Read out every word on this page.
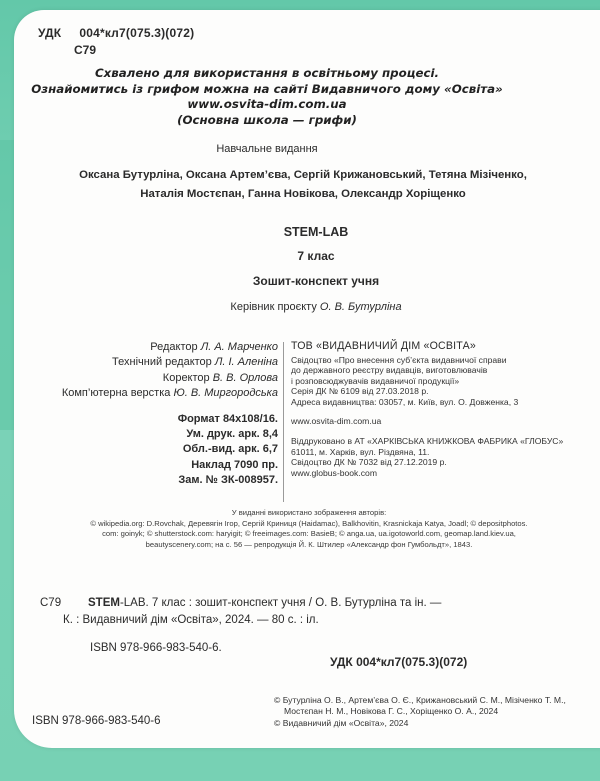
УДК 004*кл7(075.3)(072)
С79
Схвалено для використання в освітньому процесі.
Ознайомитись із грифом можна на сайті Видавничого дому «Освіта»
www.osvita-dim.com.ua
(Основна школа — грифи)
Навчальне видання
Оксана Бутурліна, Оксана Артем’єва, Сергій Крижановський, Тетяна Мізіченко,
Наталія Мостєпан, Ганна Новікова, Олександр Хоріщенко
STEM-LAB
7 клас
Зошит-конспект учня
Керівник проєкту О. В. Бутурліна
Редактор Л. А. Марченко
Технічний редактор Л. І. Аленіна
Коректор В. В. Орлова
Комп’ютерна верстка Ю. В. Миргородська
Формат 84х108/16.
Ум. друк. арк. 8,4
Обл.-вид. арк. 6,7
Наклад 7090 пр.
Зам. № ЗК-008957.
ТОВ «ВИДАВНИЧИЙ ДІМ «ОСВІТА»
Свідоцтво «Про внесення суб’єкта видавничої справи
до державного реєстру видавців, виготовлювачів
і розповсюджувачів видавничої продукції»
Серія ДК № 6109 від 27.03.2018 р.
Адреса видавництва: 03057, м. Київ, вул. О. Довженка, 3
www.osvita-dim.com.ua
Віддруковано в АТ «ХАРКІВСЬКА КНИЖКОВА ФАБРИКА «ГЛОБУС»
61011, м. Харків, вул. Різдвяна, 11.
Свідоцтво ДК № 7032 від 27.12.2019 р.
www.globus-book.com
У виданні використано зображення авторів:
© wikipedia.org: D.Rovchak, Деревягін Ігор, Сергій Криниця (Haidamac), Balkhovitin, Krasnickaja Katya, Joadl; © depositphotos.
com: goinyk; © shutterstock.com: haryigit; © freeimages.com: BasieB; © anga.ua, ua.igotoworld.com, geomap.land.kiev.ua,
beautyscenery.com; на с. 56 — репродукція Й. К. Штилер «Александр фон Гумбольдт», 1843.
С79 STEM-LAB. 7 клас : зошит-конспект учня / О. В. Бутурліна та ін. —
К. : Видавничий дім «Освіта», 2024. — 80 с. : іл.
ISBN 978-966-983-540-6.
УДК 004*кл7(075.3)(072)
© Бутурліна О. В., Артем’єва О. Є., Крижановський С. М., Мізіченко Т. М.,
Мостєпан Н. М., Новікова Г. С., Хоріщенко О. А., 2024
© Видавничий дім «Освіта», 2024
ISBN 978-966-983-540-6
